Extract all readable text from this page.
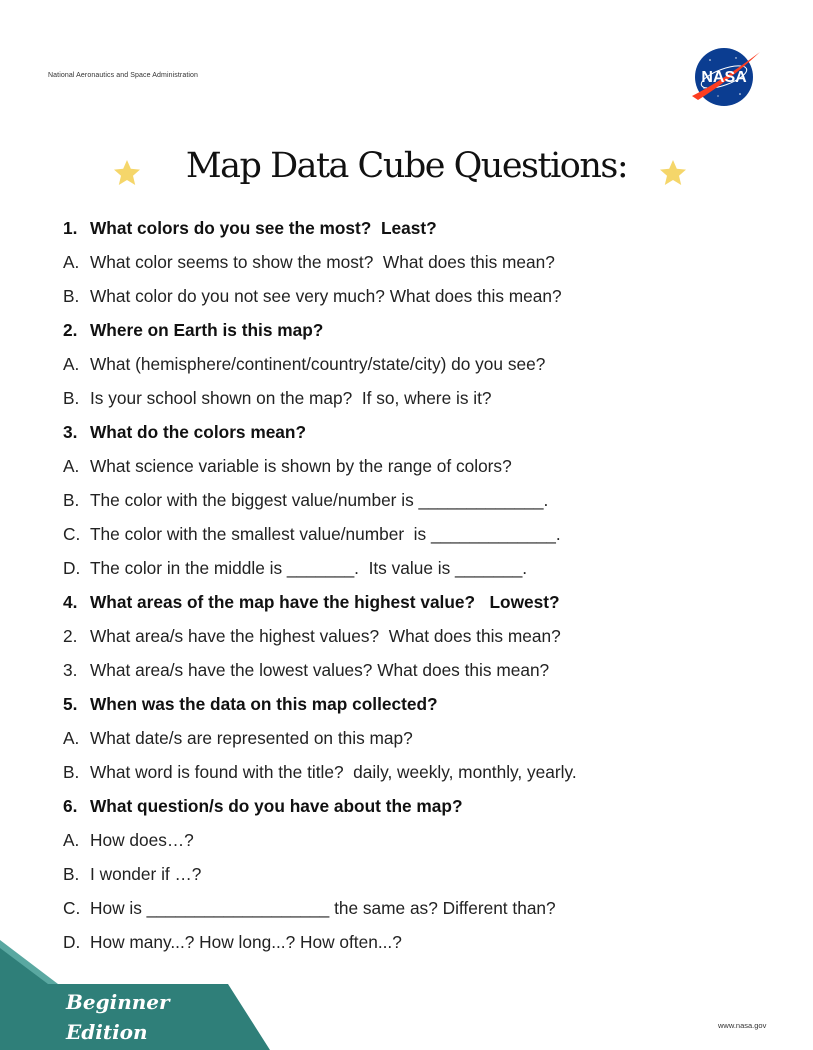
National Aeronautics and Space Administration	NASA
Map Data Cube Questions:
1. What colors do you see the most?  Least?
A. What color seems to show the most?  What does this mean?
B. What color do you not see very much? What does this mean?
2. Where on Earth is this map?
A. What (hemisphere/continent/country/state/city) do you see?
B. Is your school shown on the map?  If so, where is it?
3. What do the colors mean?
A. What science variable is shown by the range of colors?
B. The color with the biggest value/number is _____________.
C. The color with the smallest value/number  is _____________.
D. The color in the middle is _______.  Its value is _______.
4. What areas of the map have the highest value?   Lowest?
2. What area/s have the highest values?  What does this mean?
3. What area/s have the lowest values? What does this mean?
5. When was the data on this map collected?
A. What date/s are represented on this map?
B. What word is found with the title?  daily, weekly, monthly, yearly.
6. What question/s do you have about the map?
A. How does…?
B. I wonder if …?
C. How is ___________________ the same as? Different than?
D. How many...? How long...? How often...?
Beginner
Edition	www.nasa.gov
